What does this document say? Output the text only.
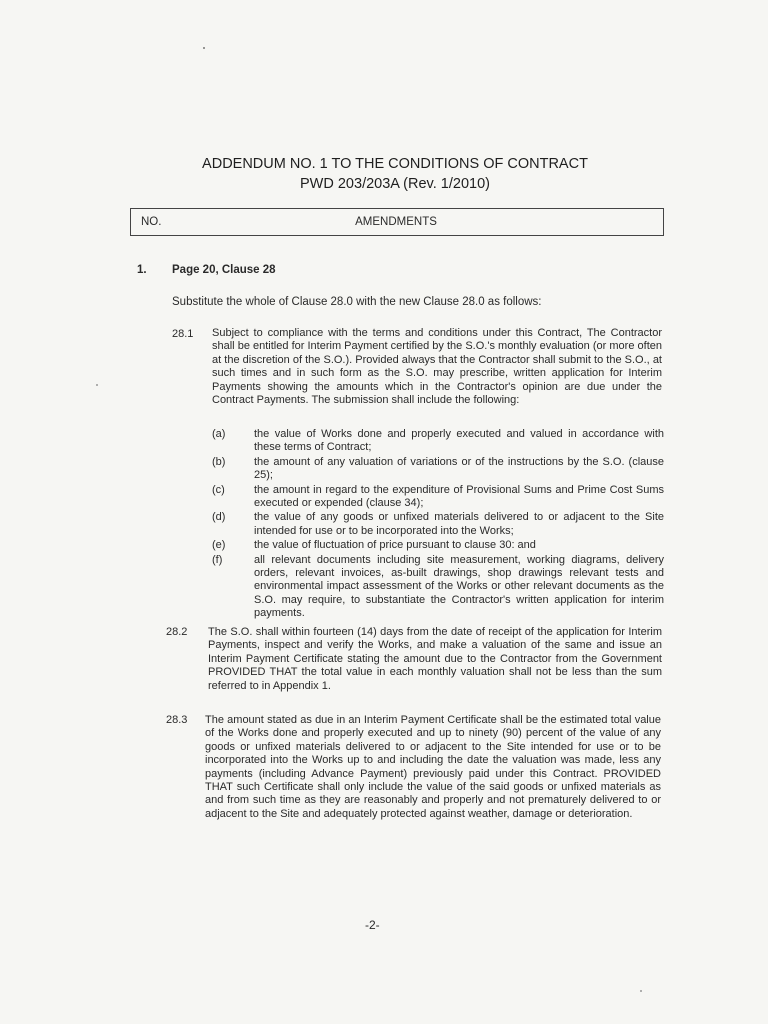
ADDENDUM NO. 1 TO THE CONDITIONS OF CONTRACT
PWD 203/203A (Rev. 1/2010)
NO.	AMENDMENTS
1. Page 20, Clause 28
Substitute the whole of Clause 28.0 with the new Clause 28.0 as follows:
28.1 Subject to compliance with the terms and conditions under this Contract, The Contractor shall be entitled for Interim Payment certified by the S.O.'s monthly evaluation (or more often at the discretion of the S.O.). Provided always that the Contractor shall submit to the S.O., at such times and in such form as the S.O. may prescribe, written application for Interim Payments showing the amounts which in the Contractor's opinion are due under the Contract Payments. The submission shall include the following:
(a)	the value of Works done and properly executed and valued in accordance with these terms of Contract;
(b)	the amount of any valuation of variations or of the instructions by the S.O. (clause 25);
(c)	the amount in regard to the expenditure of Provisional Sums and Prime Cost Sums executed or expended (clause 34);
(d)	the value of any goods or unfixed materials delivered to or adjacent to the Site intended for use or to be incorporated into the Works;
(e)	the value of fluctuation of price pursuant to clause 30: and
(f)	all relevant documents including site measurement, working diagrams, delivery orders, relevant invoices, as-built drawings, shop drawings relevant tests and environmental impact assessment of the Works or other relevant documents as the S.O. may require, to substantiate the Contractor's written application for interim payments.
28.2 The S.O. shall within fourteen (14) days from the date of receipt of the application for Interim Payments, inspect and verify the Works, and make a valuation of the same and issue an Interim Payment Certificate stating the amount due to the Contractor from the Government PROVIDED THAT the total value in each monthly valuation shall not be less than the sum referred to in Appendix 1.
28.3 The amount stated as due in an Interim Payment Certificate shall be the estimated total value of the Works done and properly executed and up to ninety (90) percent of the value of any goods or unfixed materials delivered to or adjacent to the Site intended for use or to be incorporated into the Works up to and including the date the valuation was made, less any payments (including Advance Payment) previously paid under this Contract. PROVIDED THAT such Certificate shall only include the value of the said goods or unfixed materials as and from such time as they are reasonably and properly and not prematurely delivered to or adjacent to the Site and adequately protected against weather, damage or deterioration.
-2-
